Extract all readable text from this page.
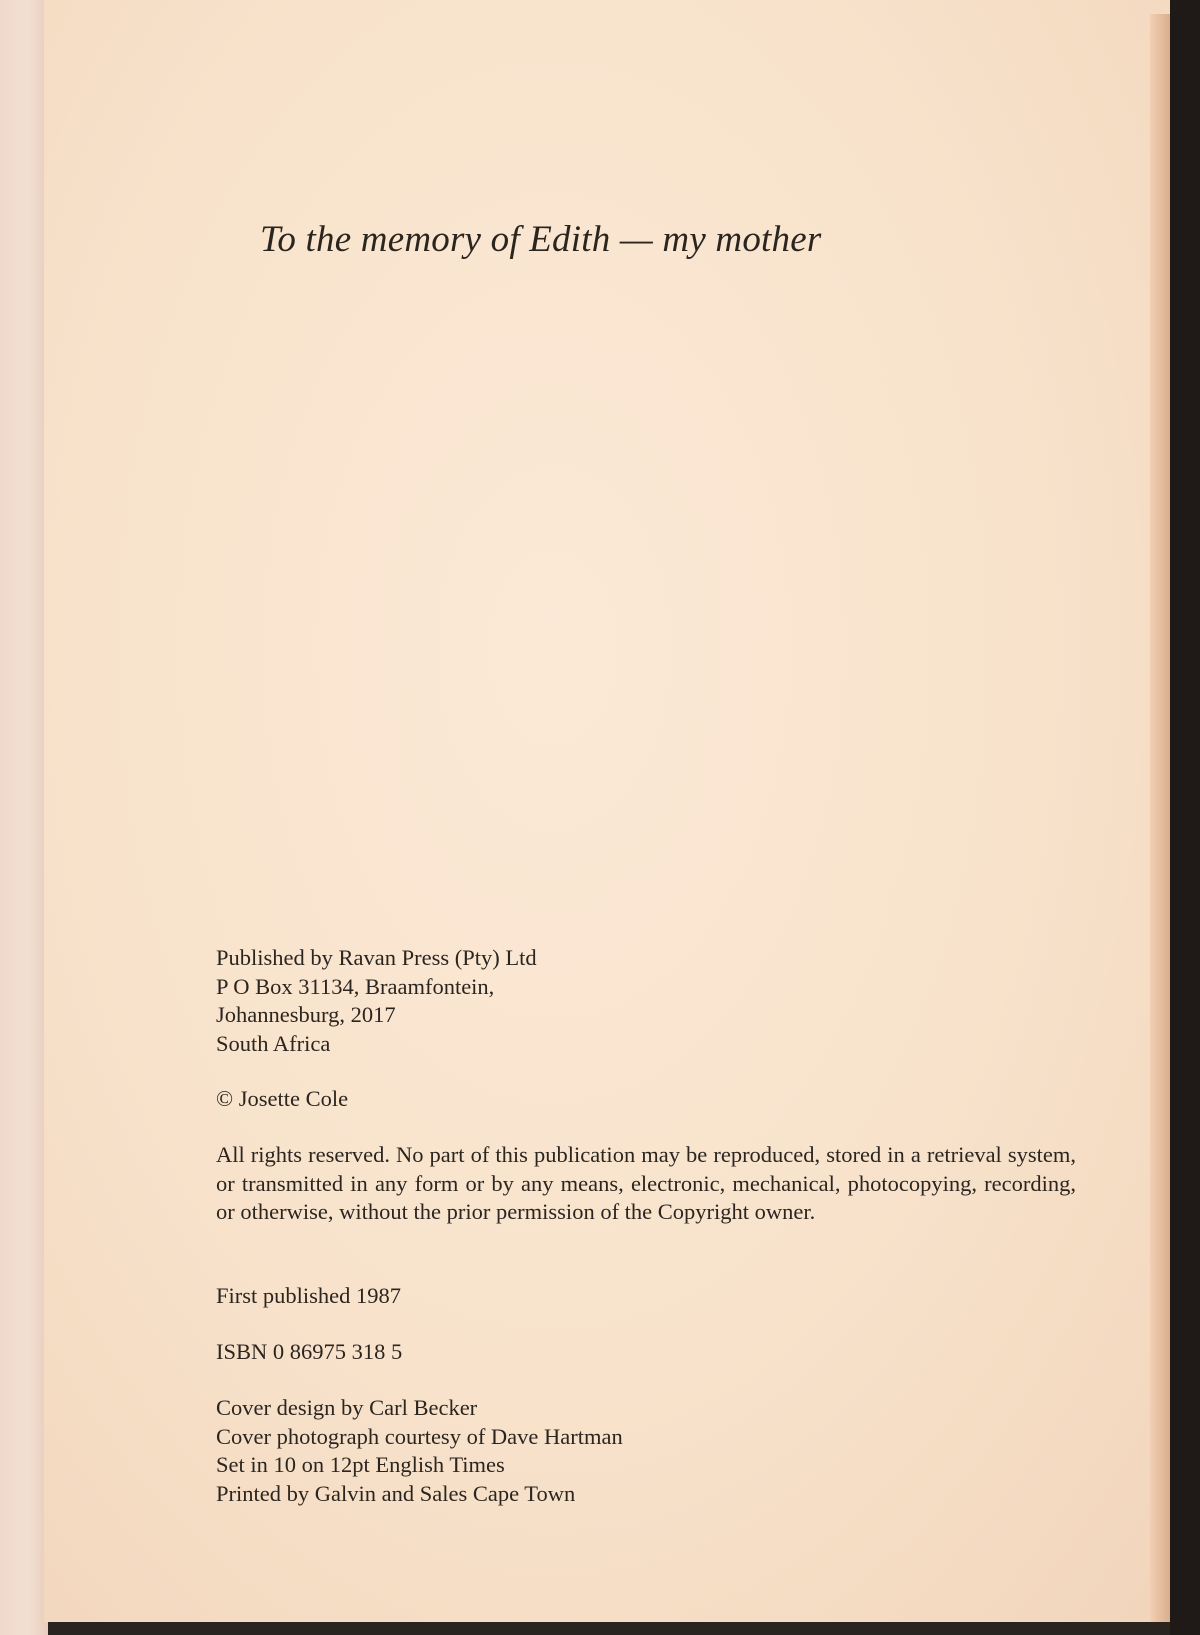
To the memory of Edith — my mother
Published by Ravan Press (Pty) Ltd
P O Box 31134, Braamfontein,
Johannesburg, 2017
South Africa
© Josette Cole
All rights reserved. No part of this publication may be reproduced, stored in a retrieval system, or transmitted in any form or by any means, electronic, mechanical, photocopying, recording, or otherwise, without the prior permission of the Copyright owner.
First published 1987
ISBN 0 86975 318 5
Cover design by Carl Becker
Cover photograph courtesy of Dave Hartman
Set in 10 on 12pt English Times
Printed by Galvin and Sales Cape Town
